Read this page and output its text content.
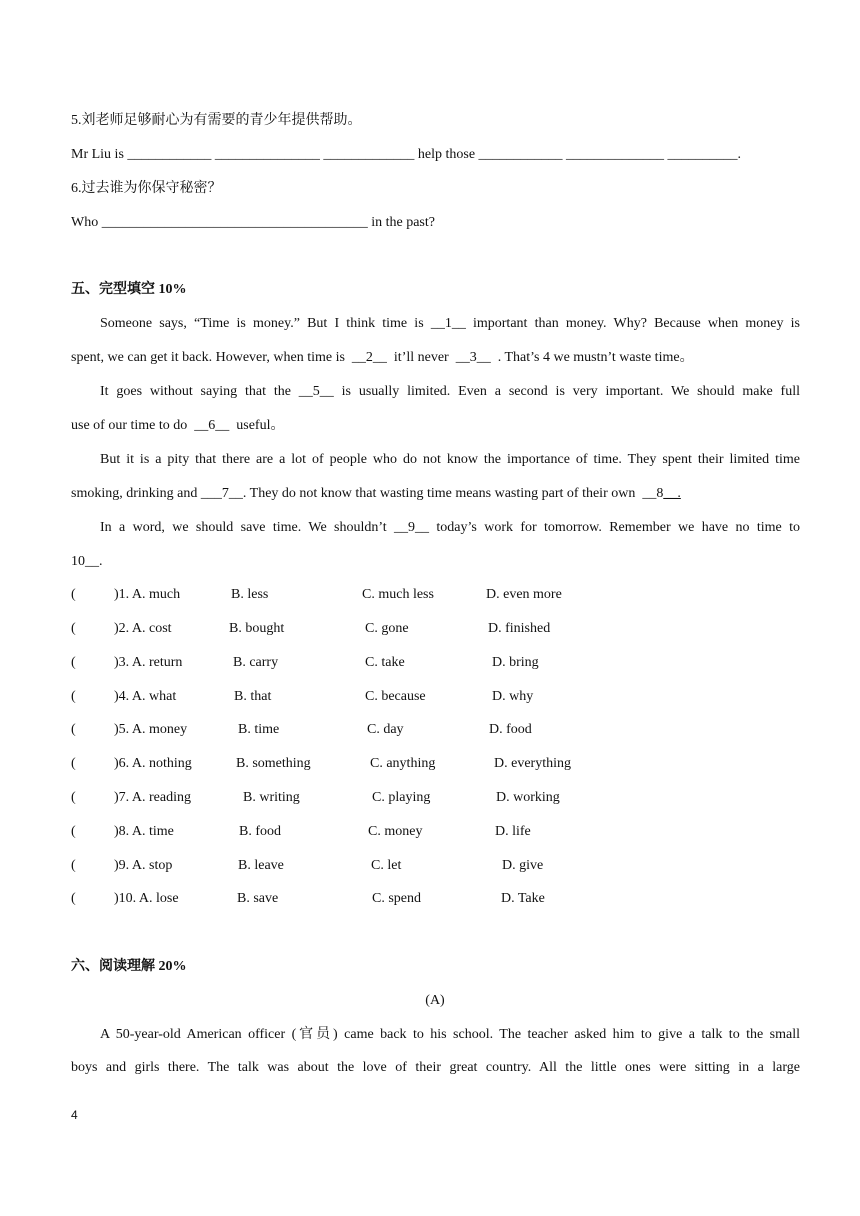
5.刘老师足够耐心为有需要的青少年提供帮助。
Mr Liu is ____________ _______________ _____________ help those ____________ ______________ __________.
6.过去谁为你保守秘密？
Who ______________________________________ in the past?
五、完型填空 10%
Someone says, “Time is money.” But I think time is __1__ important than money. Why? Because when money is
spent, we can get it back. However, when time is  __2__  it’ll never  __3__  . That’s 4 we mustn’t waste time。
It goes without saying that the __5__ is usually limited. Even a second is very important. We should make full
use of our time to do  __6__  useful。
But it is a pity that there are a lot of people who do not know the importance of time. They spent their limited time
smoking, drinking and ___7__. They do not know that wasting time means wasting part of their own  __8__.
In a word, we should save time. We shouldn’t __9__ today’s work for tomorrow. Remember we have no time to
10__.
(	)1. A. much	B. less	C. much less	D. even more
(	)2. A. cost	B. bought	C. gone	D. finished
(	)3. A. return	B. carry	C. take	D. bring
(	)4. A. what	B. that	C. because	D. why
(	)5. A. money	B. time	C. day	D. food
(	)6. A. nothing	B. something	C. anything	D. everything
(	)7. A. reading	B. writing	C. playing	D. working
(	)8. A. time	B. food	C. money	D. life
(	)9. A. stop	B. leave	C. let	D. give
(	)10. A. lose	B. save	C. spend	D. Take
六、阅读理解 20%
(A)
A 50-year-old American officer (官员) came back to his school. The teacher asked him to give a talk to the small
boys and girls there. The talk was about the love of their great country. All the little ones were sitting in a large
4
